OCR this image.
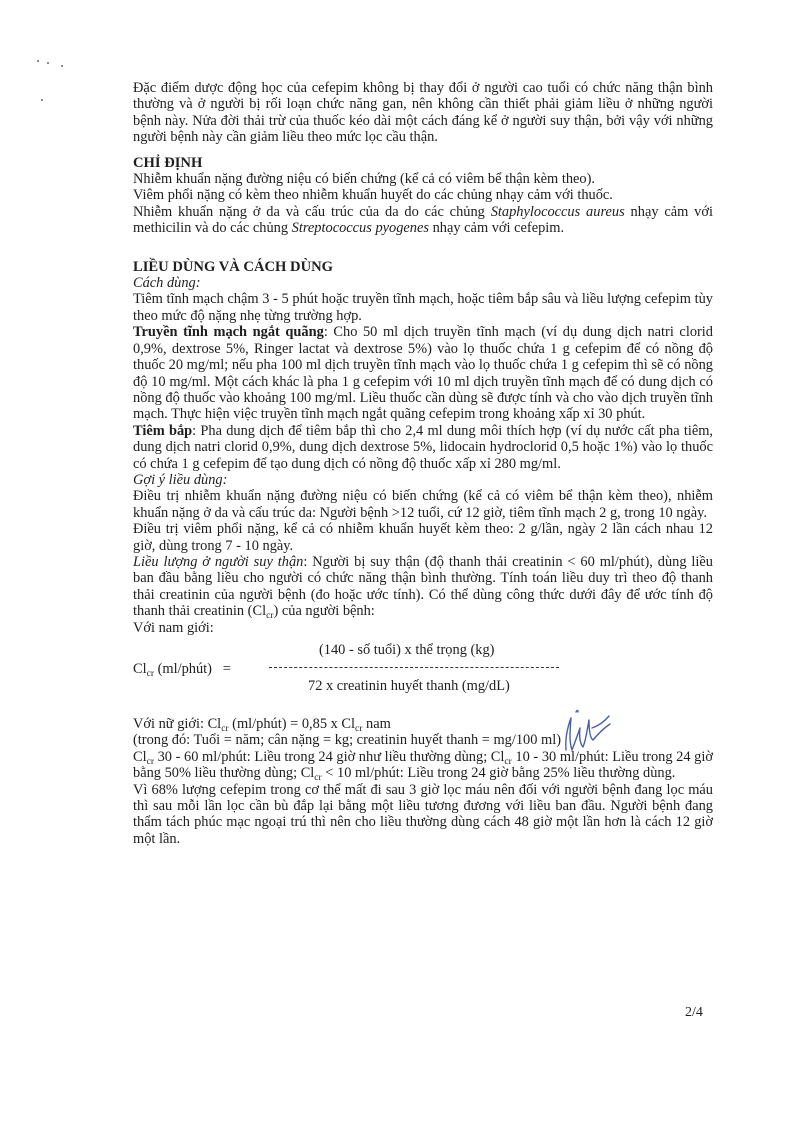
Đặc điểm dược động học của cefepim không bị thay đổi ở người cao tuổi có chức năng thận bình thường và ở người bị rối loạn chức năng gan, nên không cần thiết phải giảm liều ở những người bệnh này. Nửa đời thải trừ của thuốc kéo dài một cách đáng kể ở người suy thận, bởi vậy với những người bệnh này cần giảm liều theo mức lọc cầu thận.

CHỈ ĐỊNH

Nhiễm khuẩn nặng đường niệu có biến chứng (kể cả có viêm bể thận kèm theo).

Viêm phổi nặng có kèm theo nhiễm khuẩn huyết do các chủng nhạy cảm với thuốc.

Nhiễm khuẩn nặng ở da và cấu trúc của da do các chủng Staphylococcus aureus nhạy cảm với methicilin và do các chủng Streptococcus pyogenes nhạy cảm với cefepim.

LIỀU DÙNG VÀ CÁCH DÙNG

Cách dùng:

Tiêm tĩnh mạch chậm 3 - 5 phút hoặc truyền tĩnh mạch, hoặc tiêm bắp sâu và liều lượng cefepim tùy theo mức độ nặng nhẹ từng trường hợp.

Truyền tĩnh mạch ngắt quãng: Cho 50 ml dịch truyền tĩnh mạch (ví dụ dung dịch natri clorid 0,9%, dextrose 5%, Ringer lactat và dextrose 5%) vào lọ thuốc chứa 1 g cefepim để có nồng độ thuốc 20 mg/ml; nếu pha 100 ml dịch truyền tĩnh mạch vào lọ thuốc chứa 1 g cefepim thì sẽ có nồng độ 10 mg/ml. Một cách khác là pha 1 g cefepim với 10 ml dịch truyền tĩnh mạch để có dung dịch có nồng độ thuốc vào khoảng 100 mg/ml. Liều thuốc cần dùng sẽ được tính và cho vào dịch truyền tĩnh mạch. Thực hiện việc truyền tĩnh mạch ngắt quãng cefepim trong khoảng xấp xỉ 30 phút.

Tiêm bắp: Pha dung dịch để tiêm bắp thì cho 2,4 ml dung môi thích hợp (ví dụ nước cất pha tiêm, dung dịch natri clorid 0,9%, dung dịch dextrose 5%, lidocain hydroclorid 0,5 hoặc 1%) vào lọ thuốc có chứa 1 g cefepim để tạo dung dịch có nồng độ thuốc xấp xỉ 280 mg/ml.

Gợi ý liều dùng:

Điều trị nhiễm khuẩn nặng đường niệu có biến chứng (kể cả có viêm bể thận kèm theo), nhiễm khuẩn nặng ở da và cấu trúc da: Người bệnh >12 tuổi, cứ 12 giờ, tiêm tĩnh mạch 2 g, trong 10 ngày.

Điều trị viêm phổi nặng, kể cả có nhiễm khuẩn huyết kèm theo: 2 g/lần, ngày 2 lần cách nhau 12 giờ, dùng trong 7 - 10 ngày.

Liều lượng ở người suy thận: Người bị suy thận (độ thanh thải creatinin < 60 ml/phút), dùng liều ban đầu bằng liều cho người có chức năng thận bình thường. Tính toán liều duy trì theo độ thanh thải creatinin của người bệnh (đo hoặc ước tính). Có thể dùng công thức dưới đây để ước tính độ thanh thải creatinin $(Cl_{cr})$ của người bệnh:

Với nam giới:

$Cl_{cr}$ (ml/phút)   =
(140 - số tuổi) x thể trọng (kg)
72 x creatinin huyết thanh (mg/dL)

Với nữ giới: $Cl_{cr}$ (ml/phút) = 0,85 x $Cl_{cr}$ nam

(trong đó: Tuổi = năm; cân nặng = kg; creatinin huyết thanh = mg/100 ml)

$Cl_{cr}$ 30 - 60 ml/phút: Liều trong 24 giờ như liều thường dùng; $Cl_{cr}$ 10 - 30 ml/phút: Liều trong 24 giờ bằng 50% liều thường dùng; $Cl_{cr} < 10$ ml/phút: Liều trong 24 giờ bằng 25% liều thường dùng.

Vì 68% lượng cefepim trong cơ thể mất đi sau 3 giờ lọc máu nên đối với người bệnh đang lọc máu thì sau mỗi lần lọc cần bù đắp lại bằng một liều tương đương với liều ban đầu. Người bệnh đang thẩm tách phúc mạc ngoại trú thì nên cho liều thường dùng cách 48 giờ một lần hơn là cách 12 giờ một lần.

2/4
